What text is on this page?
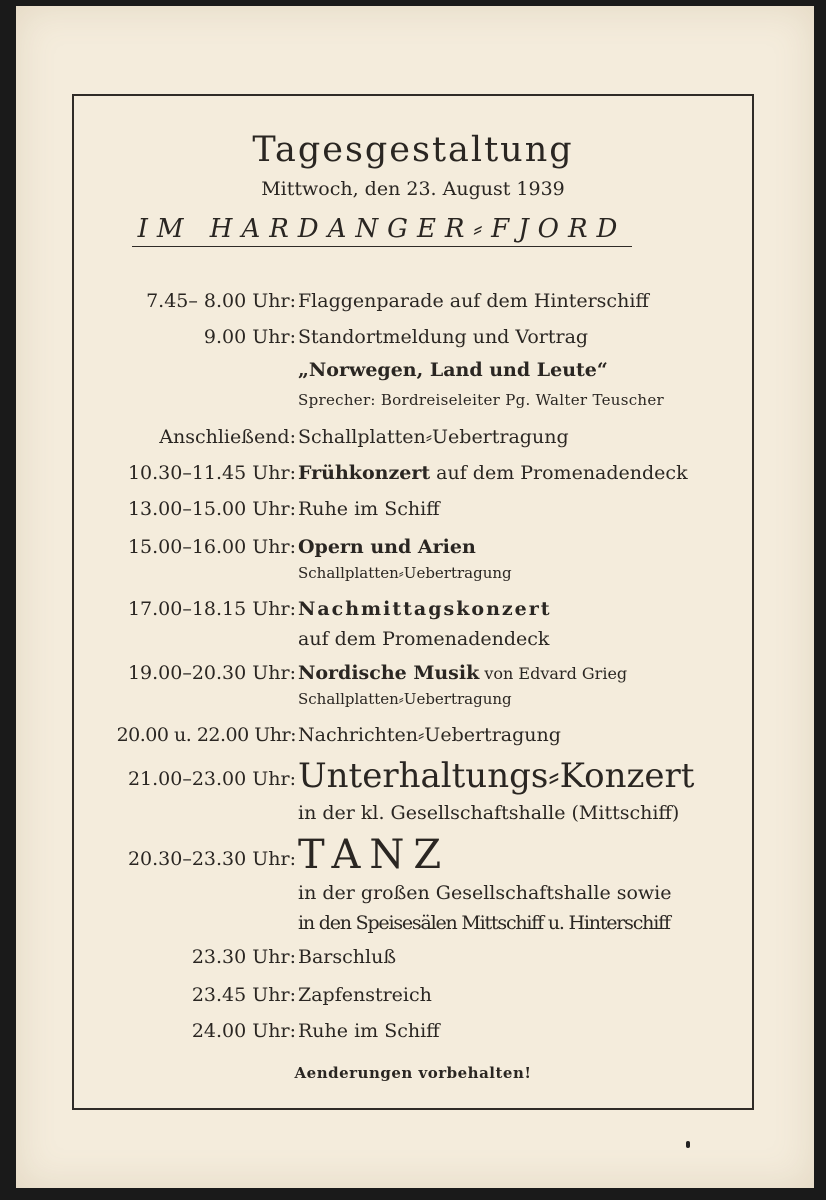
Tagesgestaltung
Mittwoch, den 23. August 1939
IM HARDANGER⸗FJORD
7.45– 8.00 Uhr: Flaggenparade auf dem Hinterschiff
9.00 Uhr: Standortmeldung und Vortrag
„Norwegen, Land und Leute“
Sprecher: Bordreiseleiter Pg. Walter Teuscher
Anschließend: Schallplatten⸗Uebertragung
10.30–11.45 Uhr: Frühkonzert auf dem Promenadendeck
13.00–15.00 Uhr: Ruhe im Schiff
15.00–16.00 Uhr: Opern und Arien
Schallplatten⸗Uebertragung
17.00–18.15 Uhr: Nachmittagskonzert
auf dem Promenadendeck
19.00–20.30 Uhr: Nordische Musik von Edvard Grieg
Schallplatten⸗Uebertragung
20.00 u. 22.00 Uhr: Nachrichten⸗Uebertragung
21.00–23.00 Uhr: Unterhaltungs⸗Konzert
in der kl. Gesellschaftshalle (Mittschiff)
20.30–23.30 Uhr: TANZ
in der großen Gesellschaftshalle sowie
in den Speisesälen Mittschiff u. Hinterschiff
23.30 Uhr: Barschluß
23.45 Uhr: Zapfenstreich
24.00 Uhr: Ruhe im Schiff
Aenderungen vorbehalten!
